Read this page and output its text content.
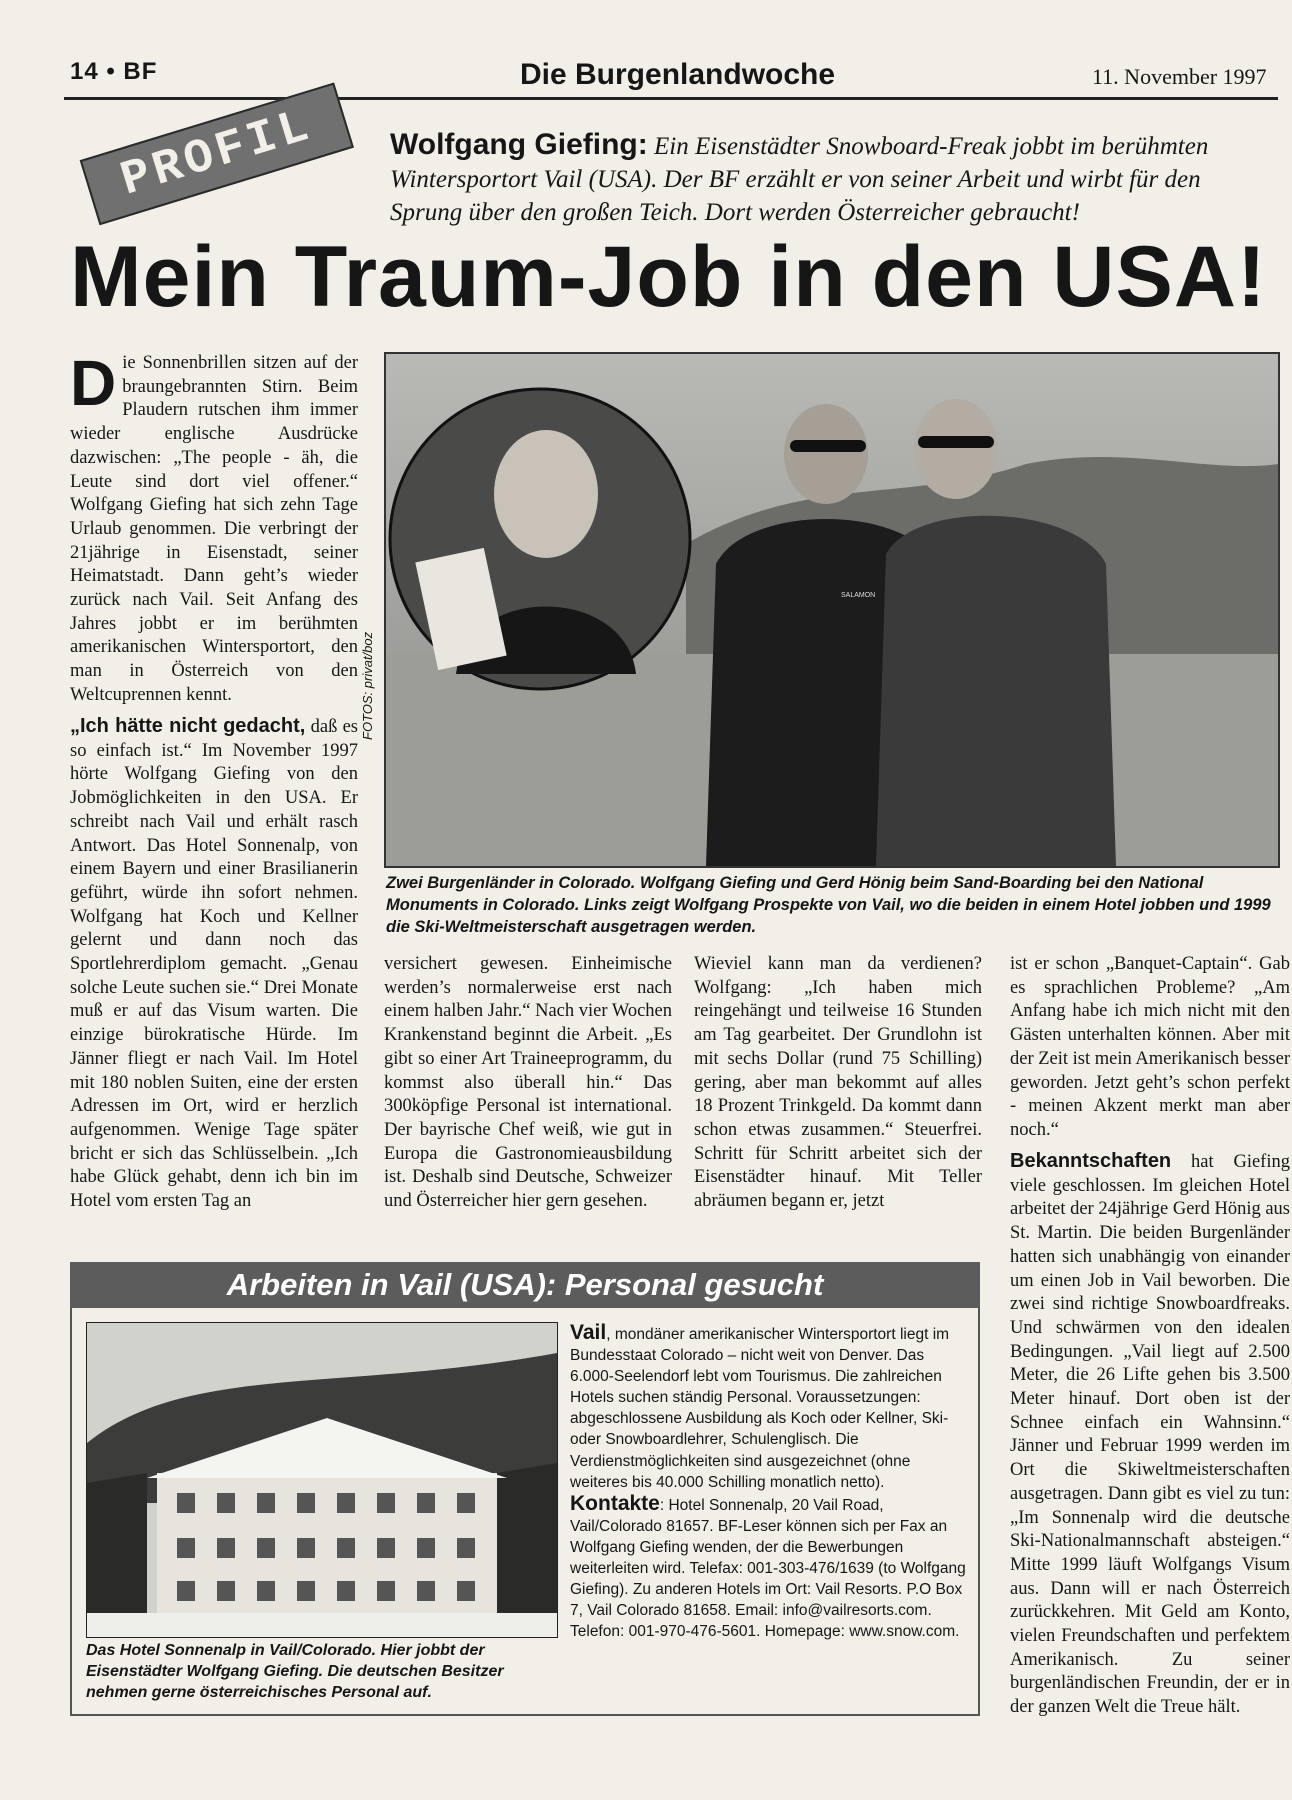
14 • BF	Die Burgenlandwoche	11. November 1997
PROFIL	Wolfgang Giefing: Ein Eisenstädter Snowboard-Freak jobbt im berühmten Wintersportort Vail (USA). Der BF erzählt er von seiner Arbeit und wirbt für den Sprung über den großen Teich. Dort werden Österreicher gebraucht!
Mein Traum-Job in den USA!
Die Sonnenbrillen sitzen auf der braungebrannten Stirn. Beim Plaudern rutschen ihm immer wieder englische Ausdrücke dazwischen: „The people - äh, die Leute sind dort viel offener.“ Wolfgang Giefing hat sich zehn Tage Urlaub genommen. Die verbringt der 21jährige in Eisenstadt, seiner Heimatstadt. Dann geht’s wieder zurück nach Vail. Seit Anfang des Jahres jobbt er im berühmten amerikanischen Wintersportort, den man in Österreich von den Weltcuprennen kennt.
„Ich hätte nicht gedacht, daß es so einfach ist.“ Im November 1997 hörte Wolfgang Giefing von den Jobmöglichkeiten in den USA. Er schreibt nach Vail und erhält rasch Antwort. Das Hotel Sonnenalp, von einem Bayern und einer Brasilianerin geführt, würde ihn sofort nehmen. Wolfgang hat Koch und Kellner gelernt und dann noch das Sportlehrerdiplom gemacht. „Genau solche Leute suchen sie.“ Drei Monate muß er auf das Visum warten. Die einzige bürokratische Hürde. Im Jänner fliegt er nach Vail. Im Hotel mit 180 noblen Suiten, eine der ersten Adressen im Ort, wird er herzlich aufgenommen. Wenige Tage später bricht er sich das Schlüsselbein. „Ich habe Glück gehabt, denn ich bin im Hotel vom ersten Tag an
SALAMON
FOTOS: privat/boz
Zwei Burgenländer in Colorado. Wolfgang Giefing und Gerd Hönig beim Sand-Boarding bei den National Monuments in Colorado. Links zeigt Wolfgang Prospekte von Vail, wo die beiden in einem Hotel jobben und 1999 die Ski-Weltmeisterschaft ausgetragen werden.
versichert gewesen. Einheimische werden’s normalerweise erst nach einem halben Jahr.“ Nach vier Wochen Krankenstand beginnt die Arbeit. „Es gibt so einer Art Traineeprogramm, du kommst also überall hin.“ Das 300köpfige Personal ist international. Der bayrische Chef weiß, wie gut in Europa die Gastronomieausbildung ist. Deshalb sind Deutsche, Schweizer und Österreicher hier gern gesehen.
Wieviel kann man da verdienen? Wolfgang: „Ich haben mich reingehängt und teilweise 16 Stunden am Tag gearbeitet. Der Grundlohn ist mit sechs Dollar (rund 75 Schilling) gering, aber man bekommt auf alles 18 Prozent Trinkgeld. Da kommt dann schon etwas zusammen.“ Steuerfrei. Schritt für Schritt arbeitet sich der Eisenstädter hinauf. Mit Teller abräumen begann er, jetzt
ist er schon „Banquet-Captain“. Gab es sprachlichen Probleme? „Am Anfang habe ich mich nicht mit den Gästen unterhalten können. Aber mit der Zeit ist mein Amerikanisch besser geworden. Jetzt geht’s schon perfekt - meinen Akzent merkt man aber noch.“
Bekanntschaften hat Giefing viele geschlossen. Im gleichen Hotel arbeitet der 24jährige Gerd Hönig aus St. Martin. Die beiden Burgenländer hatten sich unabhängig von einander um einen Job in Vail beworben. Die zwei sind richtige Snowboardfreaks. Und schwärmen von den idealen Bedingungen. „Vail liegt auf 2.500 Meter, die 26 Lifte gehen bis 3.500 Meter hinauf. Dort oben ist der Schnee einfach ein Wahnsinn.“ Jänner und Februar 1999 werden im Ort die Skiweltmeisterschaften ausgetragen. Dann gibt es viel zu tun: „Im Sonnenalp wird die deutsche Ski-Nationalmannschaft absteigen.“ Mitte 1999 läuft Wolfgangs Visum aus. Dann will er nach Österreich zurückkehren. Mit Geld am Konto, vielen Freundschaften und perfektem Amerikanisch. Zu seiner burgenländischen Freundin, der er in der ganzen Welt die Treue hält.
Arbeiten in Vail (USA): Personal gesucht
Das Hotel Sonnenalp in Vail/Colorado. Hier jobbt der Eisenstädter Wolfgang Giefing. Die deutschen Besitzer nehmen gerne österreichisches Personal auf.
Vail, mondäner amerikanischer Wintersportort liegt im Bundesstaat Colorado – nicht weit von Denver. Das 6.000-Seelendorf lebt vom Tourismus. Die zahlreichen Hotels suchen ständig Personal. Voraussetzungen: abgeschlossene Ausbildung als Koch oder Kellner, Ski- oder Snowboardlehrer, Schulenglisch. Die Verdienstmöglichkeiten sind ausgezeichnet (ohne weiteres bis 40.000 Schilling monatlich netto).
Kontakte: Hotel Sonnenalp, 20 Vail Road, Vail/Colorado 81657. BF-Leser können sich per Fax an Wolfgang Giefing wenden, der die Bewerbungen weiterleiten wird. Telefax: 001-303-476/1639 (to Wolfgang Giefing). Zu anderen Hotels im Ort: Vail Resorts. P.O Box 7, Vail Colorado 81658. Email: info@vailresorts.com. Telefon: 001-970-476-5601. Homepage: www.snow.com.
